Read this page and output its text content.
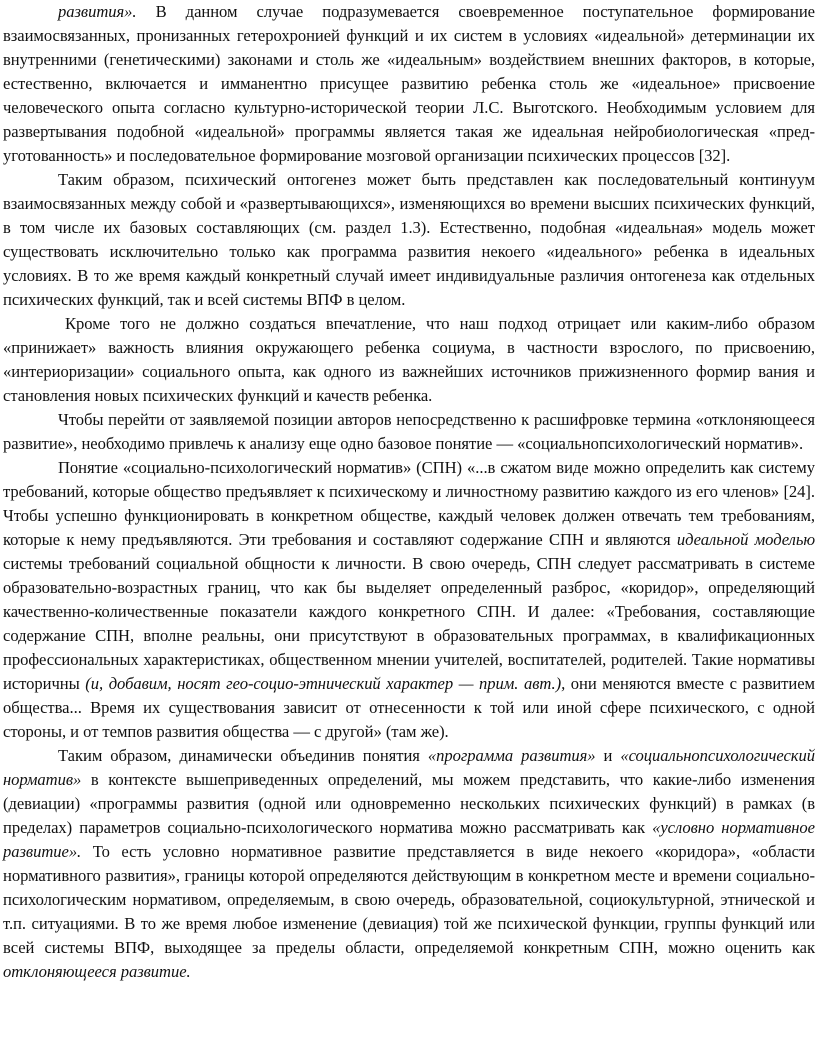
развития». В данном случае подразумевается своевременное поступательное формирование взаимосвязанных, пронизанных гетерохронией функций и их систем в условиях «идеальной» детерминации их внутренними (генетическими) законами и столь же «идеальным» воздействием внешних факторов, в которые, естественно, включается и имманентно присущее развитию ребенка столь же «идеальное» присвоение человеческого опыта согласно культурно-исторической теории Л.С. Выготского. Необходимым условием для развертывания подобной «идеальной» программы является такая же идеальная нейробиологическая «пред-уготованность» и последовательное формирование мозговой организации психических процессов [32].

Таким образом, психический онтогенез может быть представлен как последовательный континуум взаимосвязанных между собой и «развертывающихся», изменяющихся во времени высших психических функций, в том числе их базовых составляющих (см. раздел 1.3). Естественно, подобная «идеальная» модель может существовать исключительно только как программа развития некоего «идеального» ребенка в идеальных условиях. В то же время каждый конкретный случай имеет индивидуальные различия онтогенеза как отдельных психических функций, так и всей системы ВПФ в целом.

Кроме того не должно создаться впечатление, что наш подход отрицает или каким-либо образом «принижает» важность влияния окружающего ребенка социума, в частности взрослого, по присвоению, «интериоризации» социального опыта, как одного из важнейших источников прижизненного формир вания и становления новых психических функций и качеств ребенка.

Чтобы перейти от заявляемой позиции авторов непосредственно к расшифровке термина «отклоняющееся развитие», необходимо привлечь к анализу еще одно базовое понятие — «социальнопсихологический норматив».

Понятие «социально-психологический норматив» (СПН) «...в сжатом виде можно определить как систему требований, которые общество предъявляет к психическому и личностному развитию каждого из его членов» [24]. Чтобы успешно функционировать в конкретном обществе, каждый человек должен отвечать тем требованиям, которые к нему предъявляются. Эти требования и составляют содержание СПН и являются идеальной моделью системы требований социальной общности к личности. В свою очередь, СПН следует рассматривать в системе образовательно-возрастных границ, что как бы выделяет определенный разброс, «коридор», определяющий качественно-количественные показатели каждого конкретного СПН. И далее: «Требования, составляющие содержание СПН, вполне реальны, они присутствуют в образовательных программах, в квалификационных профессиональных характеристиках, общественном мнении учителей, воспитателей, родителей. Такие нормативы историчны (и, добавим, носят гео-социо-этнический характер — прим. авт.), они меняются вместе с развитием общества... Время их существования зависит от отнесенности к той или иной сфере психического, с одной стороны, и от темпов развития общества — с другой» (там же).

Таким образом, динамически объединив понятия «программа развития» и «социальнопсихологический норматив» в контексте вышеприведенных определений, мы можем представить, что какие-либо изменения (девиации) «программы развития (одной или одновременно нескольких психических функций) в рамках (в пределах) параметров социально-психологического норматива можно рассматривать как «условно нормативное развитие». То есть условно нормативное развитие представляется в виде некоего «коридора», «области нормативного развития», границы которой определяются действующим в конкретном месте и времени социально-психологическим нормативом, определяемым, в свою очередь, образовательной, социокультурной, этнической и т.п. ситуациями. В то же время любое изменение (девиация) той же психической функции, группы функций или всей системы ВПФ, выходящее за пределы области, определяемой конкретным СПН, можно оценить как отклоняющееся развитие.
